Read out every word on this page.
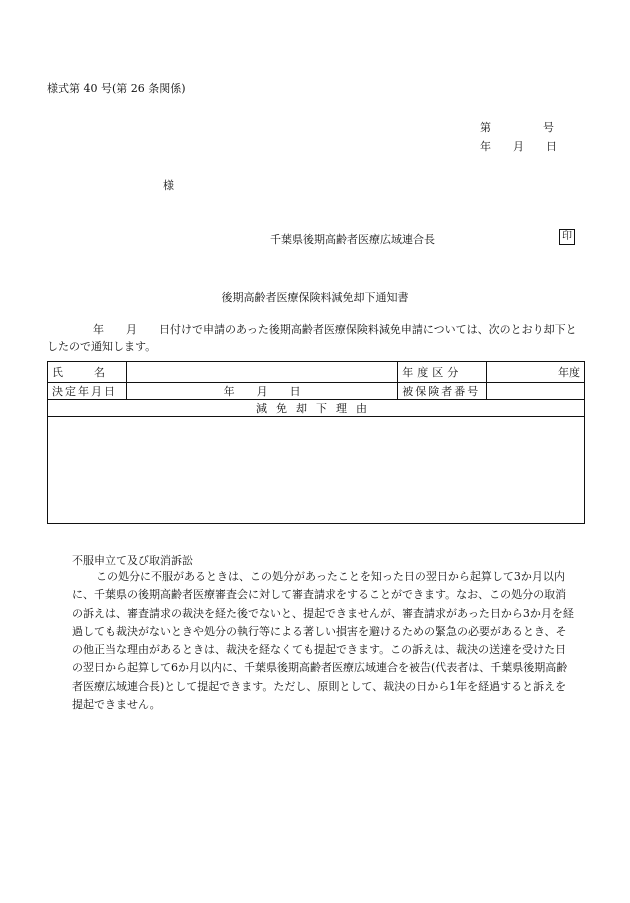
様式第 40 号(第 26 条関係)
第	号
年 月 日
様
千葉県後期高齢者医療広域連合長	印
後期高齢者医療保険料減免却下通知書
年 月 日付けで申請のあった後期高齢者医療保険料減免申請については、次のとおり却下としたので通知します。
氏　名		年度区分	年度
決定年月日	年　　月　　日	被保険者番号	
減免却下理由			

不服申立て及び取消訴訟
この処分に不服があるときは、この処分があったことを知った日の翌日から起算して3か月以内に、千葉県の後期高齢者医療審査会に対して審査請求をすることができます。なお、この処分の取消の訴えは、審査請求の裁決を経た後でないと、提起できませんが、審査請求があった日から3か月を経過しても裁決がないときや処分の執行等による著しい損害を避けるための緊急の必要があるとき、その他正当な理由があるときは、裁決を経なくても提起できます。この訴えは、裁決の送達を受けた日の翌日から起算して6か月以内に、千葉県後期高齢者医療広域連合を被告(代表者は、千葉県後期高齢者医療広域連合長)として提起できます。ただし、原則として、裁決の日から1年を経過すると訴えを提起できません。
